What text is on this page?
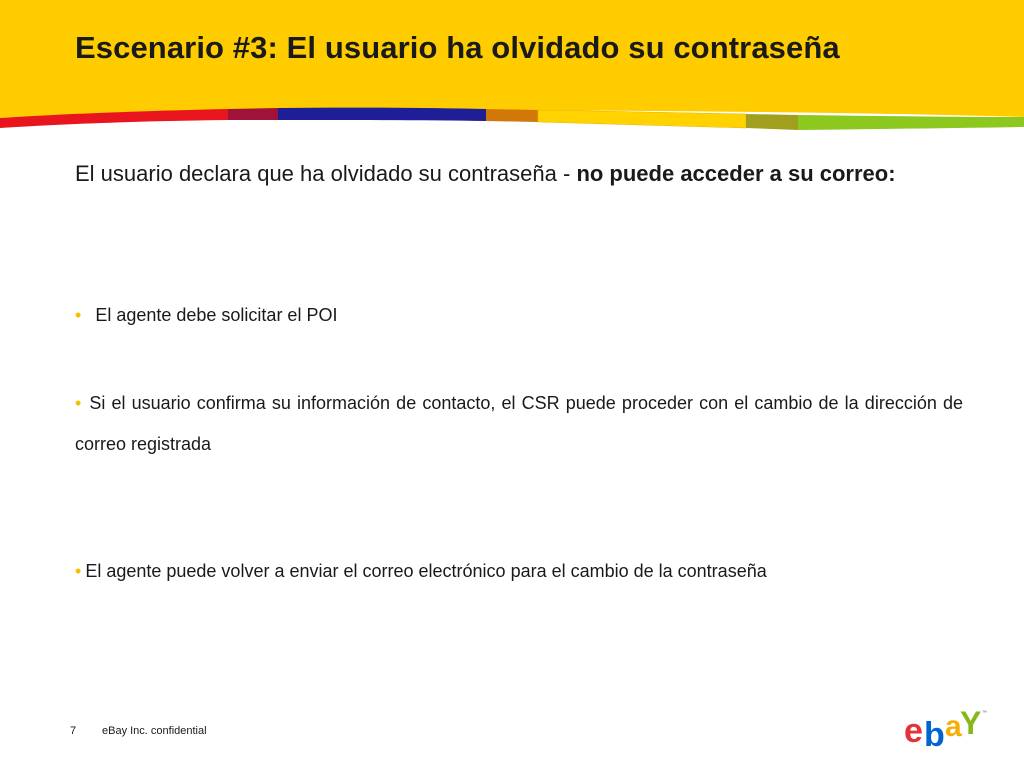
Escenario #3: El usuario ha olvidado su contraseña

El usuario declara que ha olvidado su contraseña - no puede acceder a su correo:

• El agente debe solicitar el POI
• Si el usuario confirma su información de contacto, el CSR puede proceder con el cambio de la dirección de correo registrada
• El agente puede volver a enviar el correo electrónico para el cambio de la contraseña
7 eBay Inc. confidential	e b a Y ™
